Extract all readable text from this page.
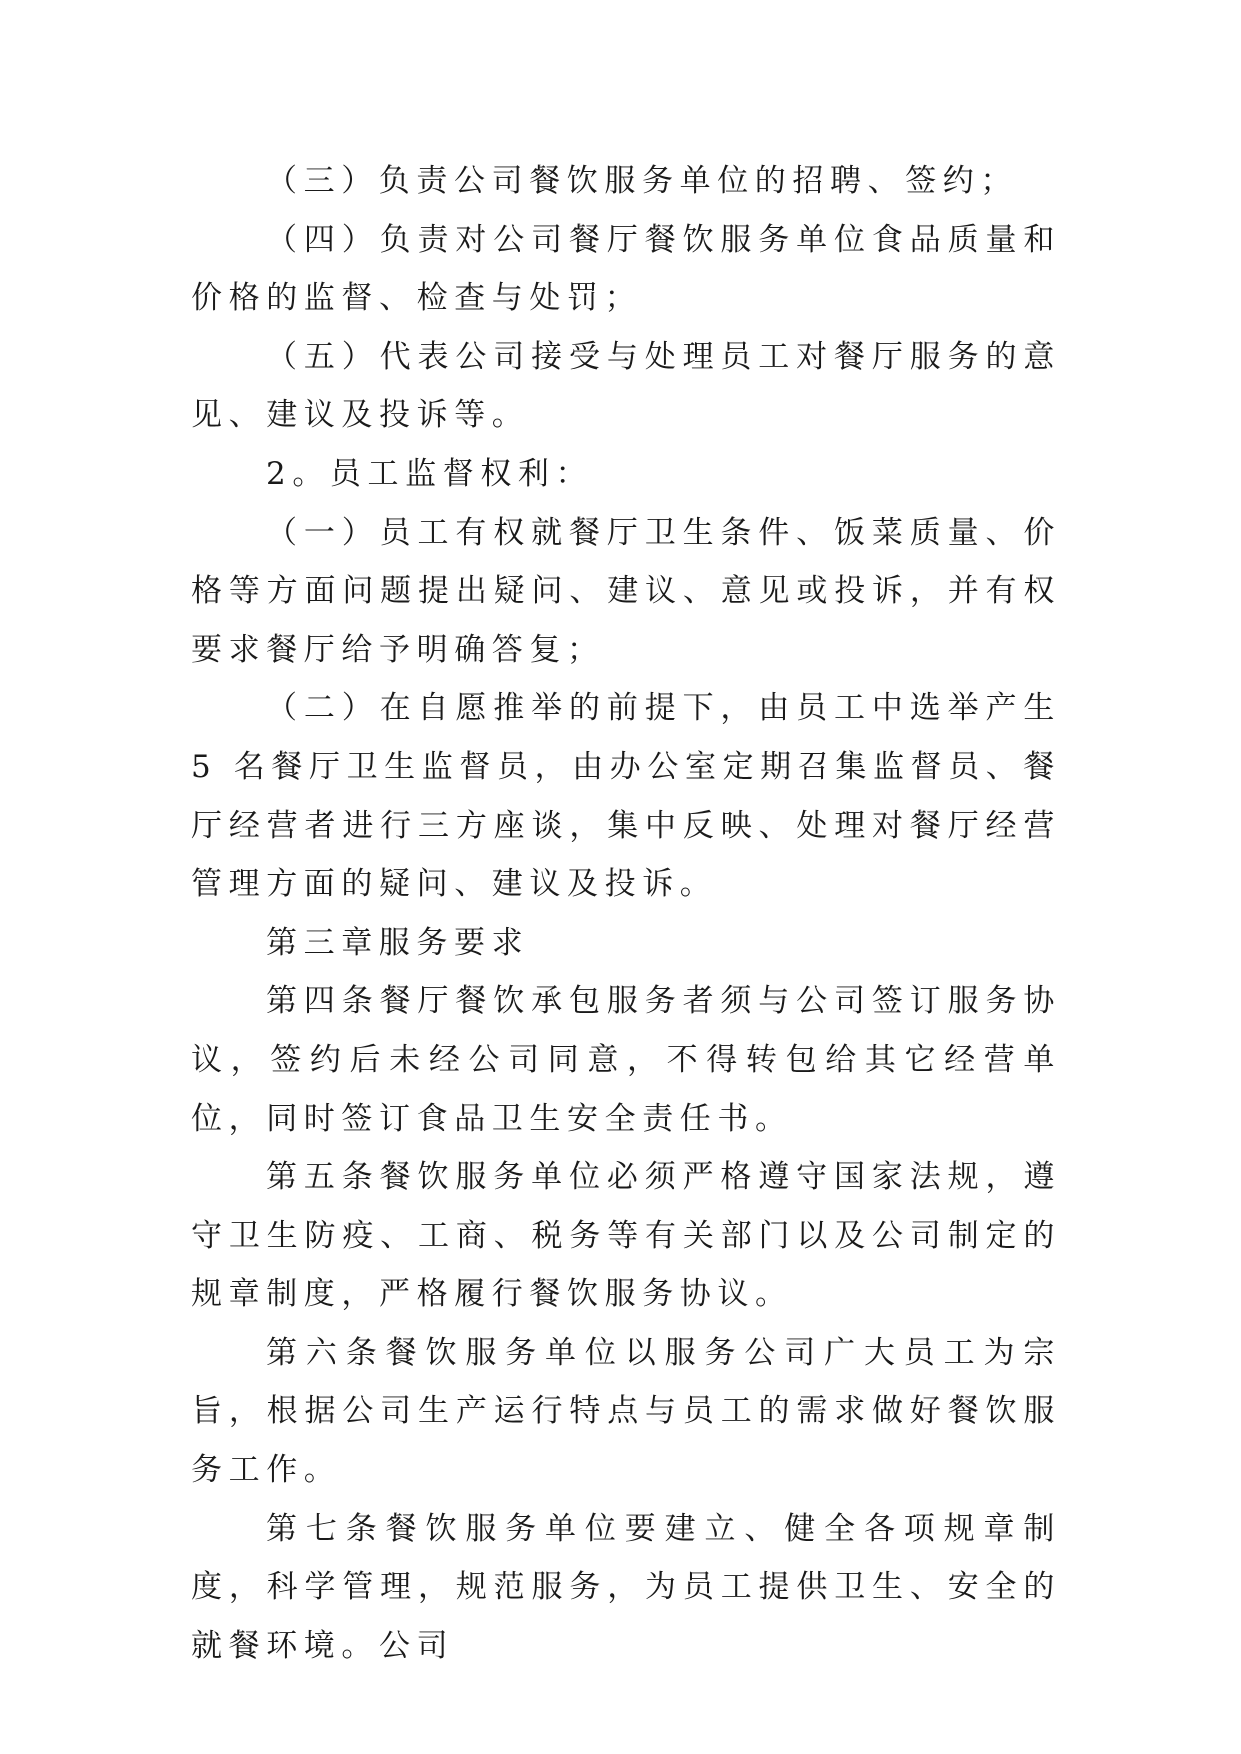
（三）负责公司餐饮服务单位的招聘、签约；

（四）负责对公司餐厅餐饮服务单位食品质量和价格的监督、检查与处罚；

（五）代表公司接受与处理员工对餐厅服务的意见、建议及投诉等。

2。员工监督权利：

（一）员工有权就餐厅卫生条件、饭菜质量、价格等方面问题提出疑问、建议、意见或投诉，并有权要求餐厅给予明确答复；

（二）在自愿推举的前提下，由员工中选举产生 5 名餐厅卫生监督员，由办公室定期召集监督员、餐厅经营者进行三方座谈，集中反映、处理对餐厅经营管理方面的疑问、建议及投诉。

第三章服务要求

第四条餐厅餐饮承包服务者须与公司签订服务协议，签约后未经公司同意，不得转包给其它经营单位，同时签订食品卫生安全责任书。

第五条餐饮服务单位必须严格遵守国家法规，遵守卫生防疫、工商、税务等有关部门以及公司制定的规章制度，严格履行餐饮服务协议。

第六条餐饮服务单位以服务公司广大员工为宗旨，根据公司生产运行特点与员工的需求做好餐饮服务工作。

第七条餐饮服务单位要建立、健全各项规章制度，科学管理，规范服务，为员工提供卫生、安全的就餐环境。公司
